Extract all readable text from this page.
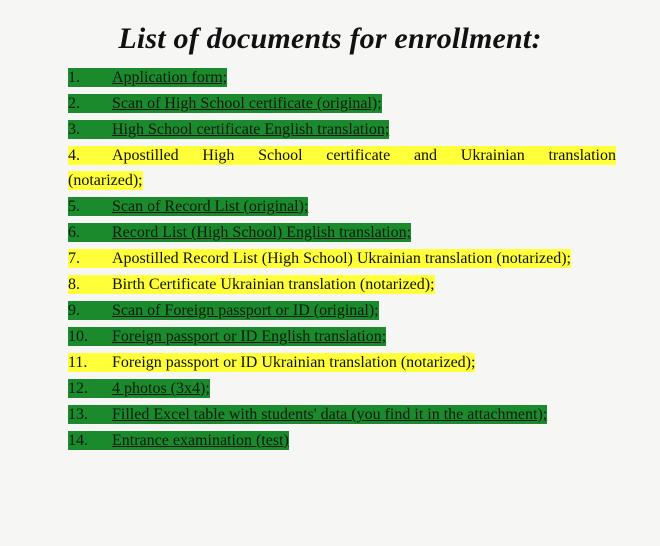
List of documents for enrollment:
1. Application form;
2. Scan of High School certificate (original);
3. High School certificate English translation;
4.	Apostilled High School certificate and Ukrainian translation
(notarized);
5. Scan of Record List (original);
6. Record List (High School) English translation;
7. Apostilled Record List (High School) Ukrainian translation (notarized);
8. Birth Certificate Ukrainian translation (notarized);
9. Scan of Foreign passport or ID (original);
10. Foreign passport or ID English translation;
11. Foreign passport or ID Ukrainian translation (notarized);
12. 4 photos (3x4);
13. Filled Excel table with students' data (you find it in the attachment);
14. Entrance examination (test)
